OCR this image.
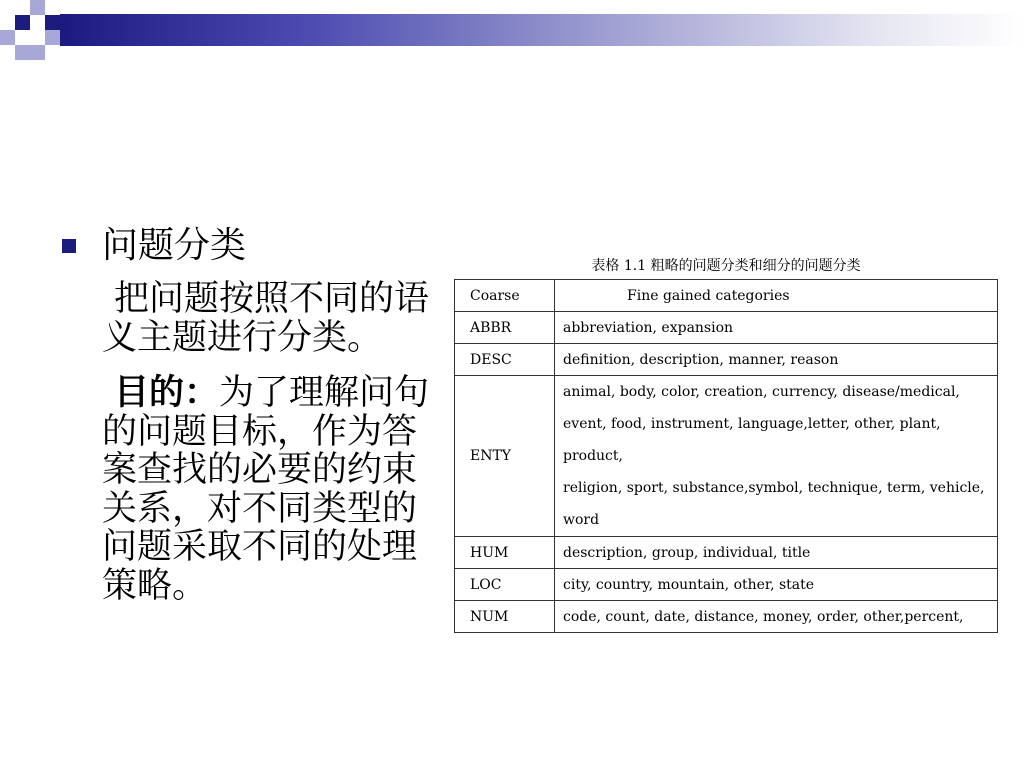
问题分类
把问题按照不同的语义主题进行分类。
目的：为了理解问句的问题目标，作为答案查找的必要的约束关系，对不同类型的问题采取不同的处理策略。
表格 1.1 粗略的问题分类和细分的问题分类
Coarse	Fine gained categories
ABBR	abbreviation, expansion
DESC	definition, description, manner, reason
ENTY	animal, body, color, creation, currency, disease/medical,
event, food, instrument, language,letter, other, plant, product,
religion, sport, substance,symbol, technique, term, vehicle, word

HUM	description, group, individual, title
LOC	city, country, mountain, other, state
NUM	code, count, date, distance, money, order, other,percent,
